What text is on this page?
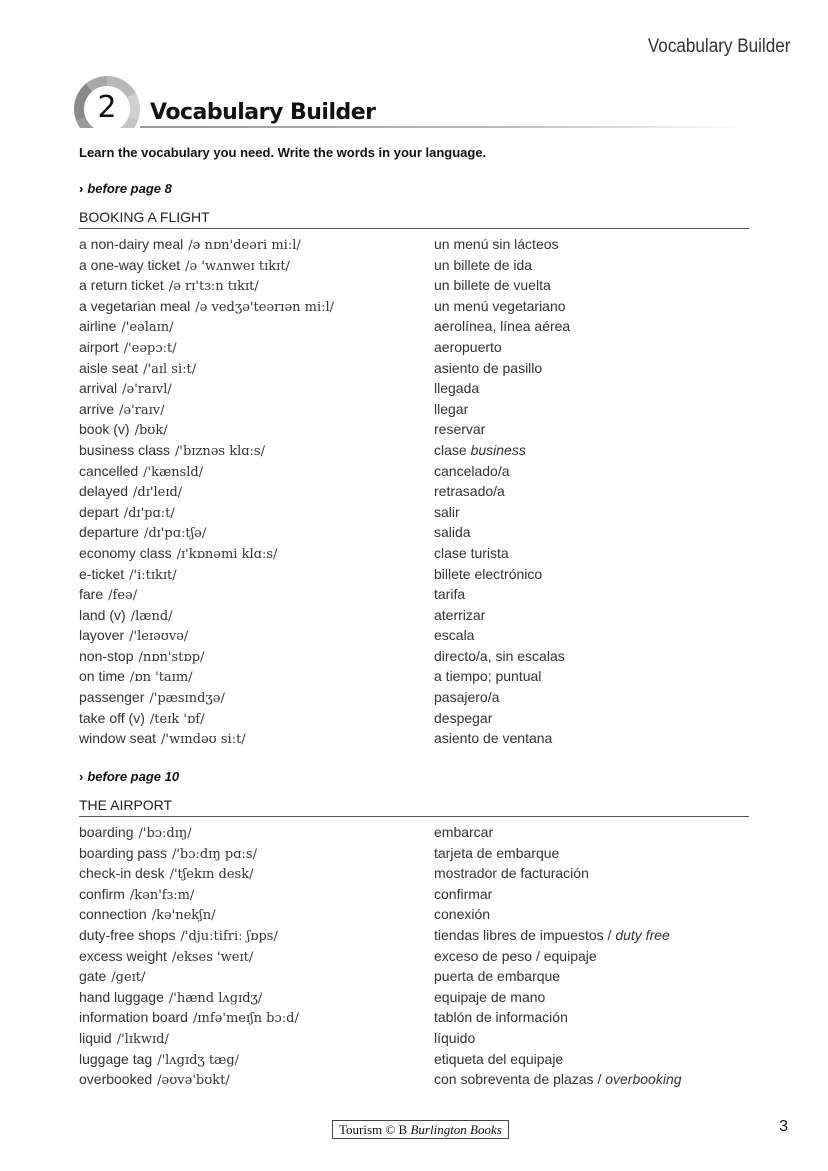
Vocabulary Builder
2	Vocabulary Builder
Learn the vocabulary you need. Write the words in your language.
› before page 8
BOOKING A FLIGHT
a non-dairy meal /ə nɒn'deəri miːl/	un menú sin lácteos
a one-way ticket /ə 'wʌnweɪ tɪkɪt/	un billete de ida
a return ticket /ə rɪ'tɜːn tɪkɪt/	un billete de vuelta
a vegetarian meal /ə vedʒə'teərɪən miːl/	un menú vegetariano
airline /'eəlaɪn/	aerolínea, línea aérea
airport /'eəpɔːt/	aeropuerto
aisle seat /'aɪl siːt/	asiento de pasillo
arrival /ə'raɪvl/	llegada
arrive /ə'raɪv/	llegar
book (v) /bʊk/	reservar
business class /'bɪznəs klɑːs/	clase business
cancelled /'kænsld/	cancelado/a
delayed /dɪ'leɪd/	retrasado/a
depart /dɪ'pɑːt/	salir
departure /dɪ'pɑːtʃə/	salida
economy class /ɪ'kɒnəmi klɑːs/	clase turista
e-ticket /'iːtɪkɪt/	billete electrónico
fare /feə/	tarifa
land (v) /lænd/	aterrizar
layover /'leɪəʊvə/	escala
non-stop /nɒn'stɒp/	directo/a, sin escalas
on time /ɒn 'taɪm/	a tiempo; puntual
passenger /'pæsɪndʒə/	pasajero/a
take off (v) /teɪk 'ɒf/	despegar
window seat /'wɪndəʊ siːt/	asiento de ventana
› before page 10
THE AIRPORT
boarding /'bɔːdɪŋ/	embarcar
boarding pass /'bɔːdɪŋ pɑːs/	tarjeta de embarque
check-in desk /'tʃekɪn desk/	mostrador de facturación
confirm /kən'fɜːm/	confirmar
connection /kə'nekʃn/	conexión
duty-free shops /'djuːtifriː ʃɒps/	tiendas libres de impuestos / duty free
excess weight /ekses 'weɪt/	exceso de peso / equipaje
gate /geɪt/	puerta de embarque
hand luggage /'hænd lʌgɪdʒ/	equipaje de mano
information board /ɪnfə'meɪʃn bɔːd/	tablón de información
liquid /'lɪkwɪd/	líquido
luggage tag /'lʌgɪdʒ tæg/	etiqueta del equipaje
overbooked /əʊvə'bʊkt/	con sobreventa de plazas / overbooking
Tourism © B Burlington Books	3
